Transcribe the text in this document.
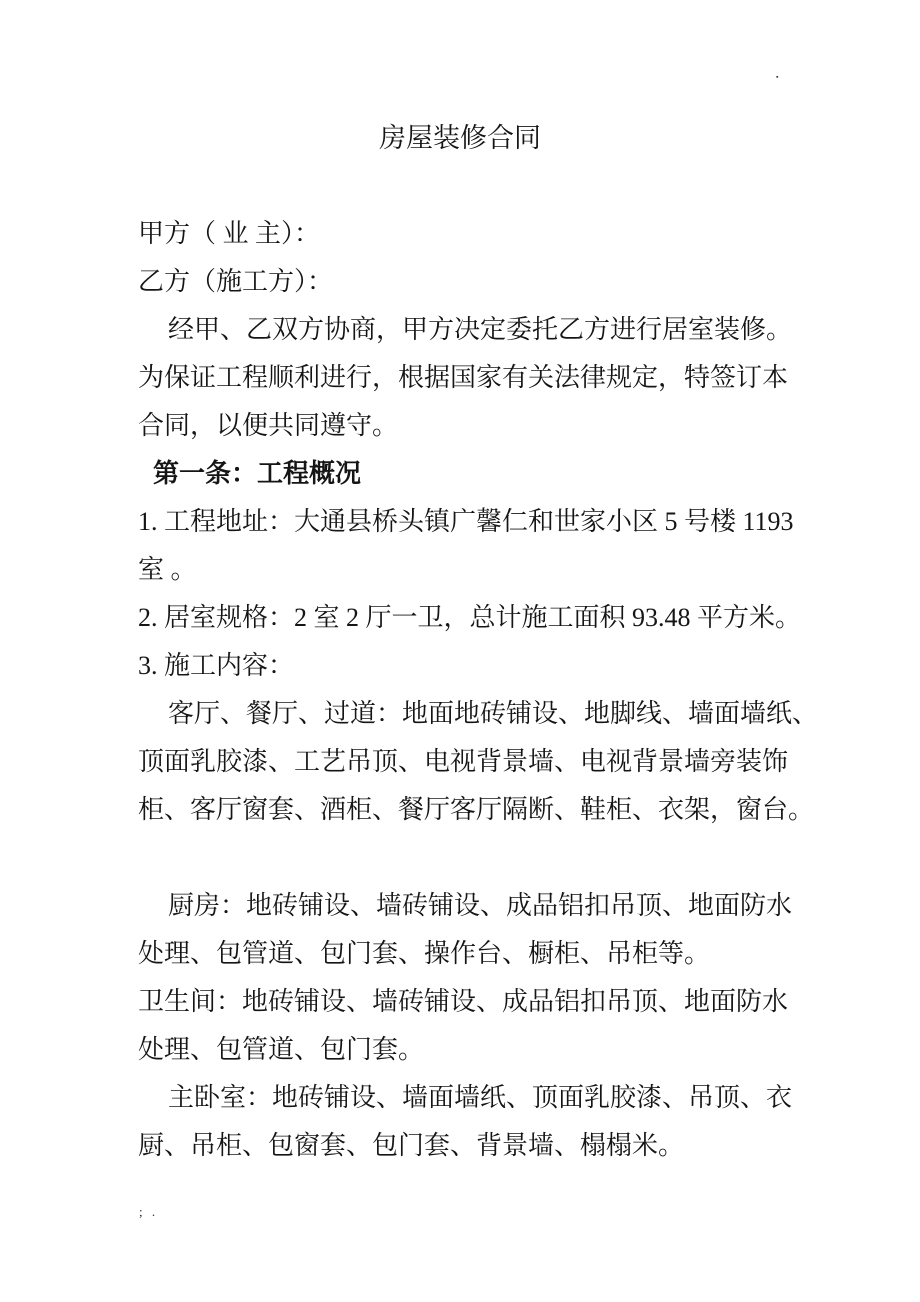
▪
房屋装修合同
甲方（ 业 主）：
乙方（施工方）：
经甲、乙双方协商，甲方决定委托乙方进行居室装修。
为保证工程顺利进行，根据国家有关法律规定，特签订本
合同，以便共同遵守。
第一条：工程概况
1. 工程地址：大通县桥头镇广馨仁和世家小区 5 号楼 1193
室 。
2. 居室规格：2 室 2 厅一卫，总计施工面积 93.48 平方米。
3. 施工内容：
客厅、餐厅、过道：地面地砖铺设、地脚线、墙面墙纸、
顶面乳胶漆、工艺吊顶、电视背景墙、电视背景墙旁装饰
柜、客厅窗套、酒柜、餐厅客厅隔断、鞋柜、衣架，窗台。
厨房：地砖铺设、墙砖铺设、成品铝扣吊顶、地面防水
处理、包管道、包门套、操作台、橱柜、吊柜等。
卫生间：地砖铺设、墙砖铺设、成品铝扣吊顶、地面防水
处理、包管道、包门套。
主卧室：地砖铺设、墙面墙纸、顶面乳胶漆、吊顶、衣
厨、吊柜、包窗套、包门套、背景墙、榻榻米。
; .
